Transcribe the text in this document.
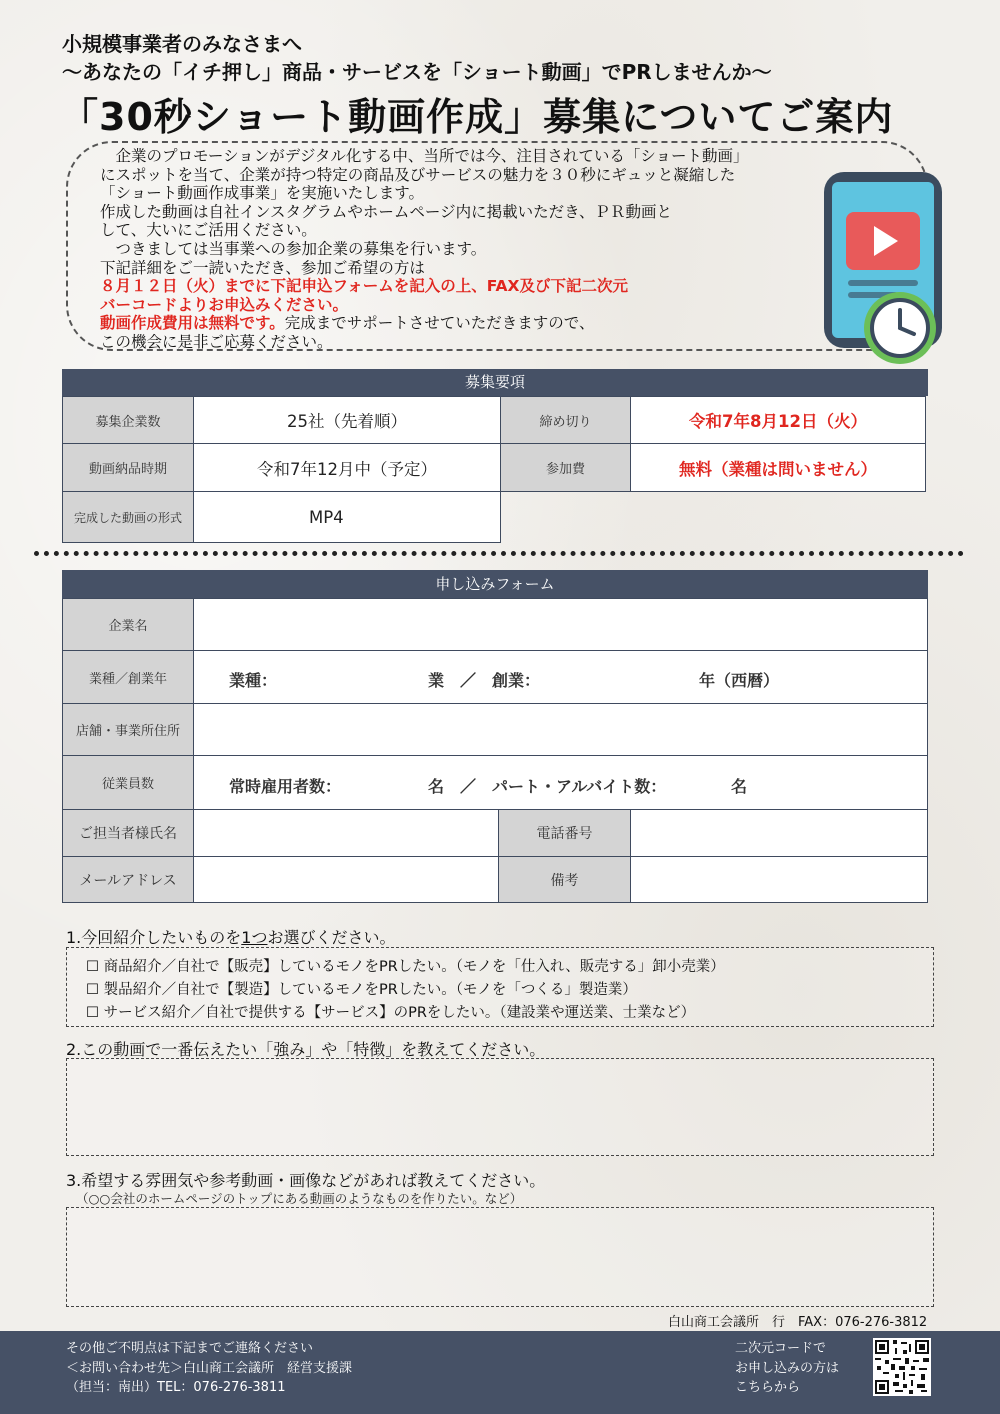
小規模事業者のみなさまへ
〜あなたの「イチ押し」商品・サービスを「ショート動画」でPRしませんか〜
「30秒ショート動画作成」募集についてご案内

　企業のプロモーションがデジタル化する中、当所では今、注目されている「ショート動画」

にスポットを当て、企業が持つ特定の商品及びサービスの魅力を３０秒にギュッと凝縮した

「ショート動画作成事業」を実施いたします。

作成した動画は自社インスタグラムやホームページ内に掲載いただき、ＰＲ動画と

して、大いにご活用ください。

　つきましては当事業への参加企業の募集を行います。

下記詳細をご一読いただき、参加ご希望の方は

８月１２日（火）までに下記申込フォームを記入の上、FAX及び下記二次元

バーコードよりお申込みください。

動画作成費用は無料です。完成までサポートさせていただきますので、

この機会に是非ご応募ください。

募集要項
募集企業数	25社（先着順）	締め切り	令和7年8月12日（火）
動画納品時期	令和7年12月中（予定）	参加費	無料（業種は問いません）
完成した動画の形式	MP4
申し込みフォーム
企業名
業種／創業年	業種：	業　／　創業：	年（西暦）
店舗・事業所住所
従業員数	常時雇用者数：	名　／　パート・アルバイト数：	名
ご担当者様氏名	電話番号
メールアドレス	備考
1.今回紹介したいものを1つお選びください。
☐ 商品紹介／自社で【販売】しているモノをPRしたい。（モノを「仕入れ、販売する」卸小売業）
☐ 製品紹介／自社で【製造】しているモノをPRしたい。（モノを「つくる」製造業）
☐ サービス紹介／自社で提供する【サービス】のPRをしたい。（建設業や運送業、士業など）
2.この動画で一番伝えたい「強み」や「特徴」を教えてください。
3.希望する雰囲気や参考動画・画像などがあれば教えてください。
（○○会社のホームページのトップにある動画のようなものを作りたい。など）
白山商工会議所　行　FAX：076-276-3812

その他ご不明点は下記までご連絡ください

＜お問い合わせ先＞白山商工会議所　経営支援課

（担当：南出）TEL：076-276-3811

二次元コードで

お申し込みの方は

こちらから
